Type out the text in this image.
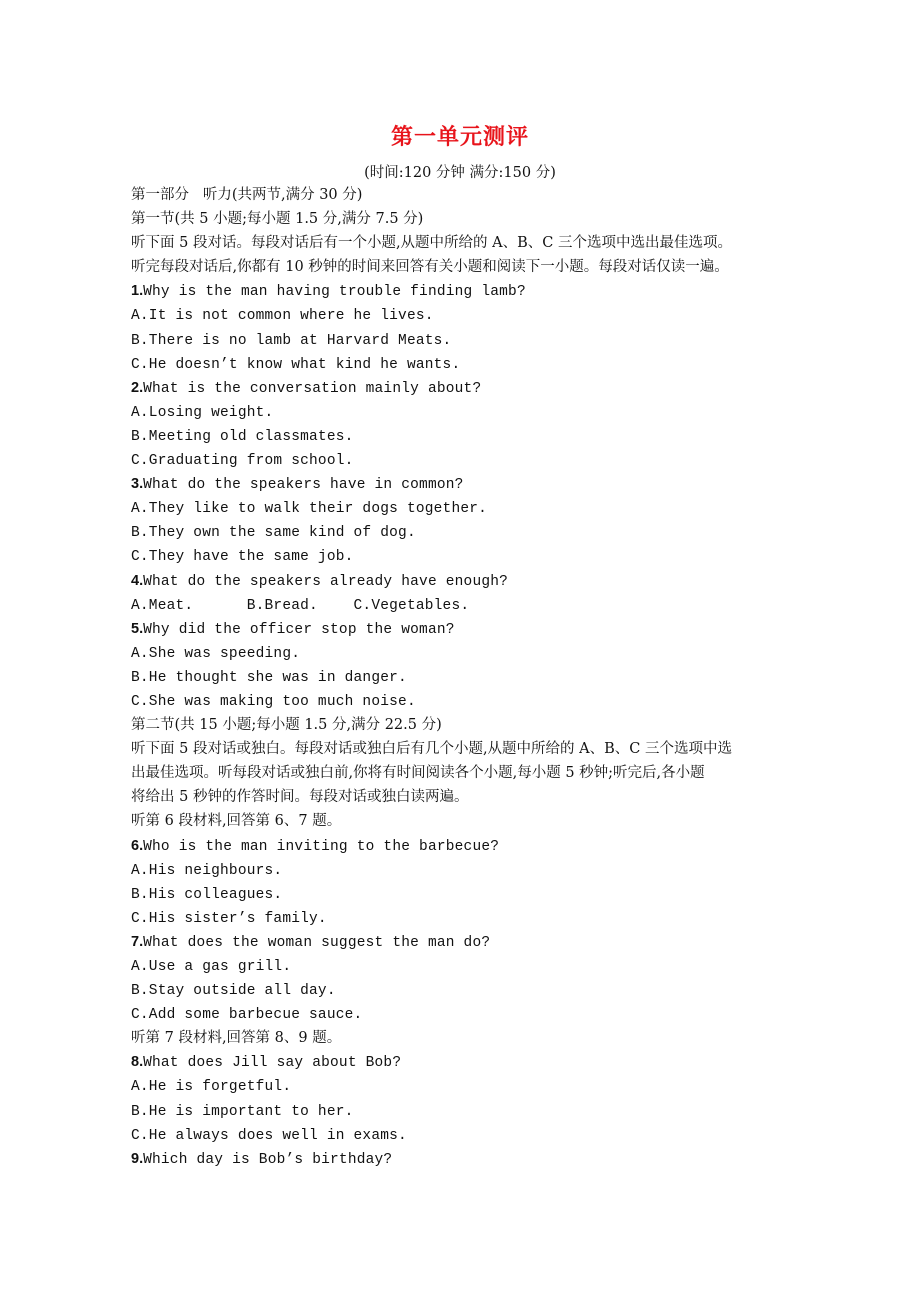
第一单元测评
(时间:120 分钟 满分:150 分)
第一部分   听力(共两节,满分 30 分)
第一节(共 5 小题;每小题 1.5 分,满分 7.5 分)
听下面 5 段对话。每段对话后有一个小题,从题中所给的 A、B、C 三个选项中选出最佳选项。
听完每段对话后,你都有 10 秒钟的时间来回答有关小题和阅读下一小题。每段对话仅读一遍。
1.Why is the man having trouble finding lamb?
A.It is not common where he lives.
B.There is no lamb at Harvard Meats.
C.He doesn’t know what kind he wants.
2.What is the conversation mainly about?
A.Losing weight.
B.Meeting old classmates.
C.Graduating from school.
3.What do the speakers have in common?
A.They like to walk their dogs together.
B.They own the same kind of dog.
C.They have the same job.
4.What do the speakers already have enough?
A.Meat.      B.Bread.    C.Vegetables.
5.Why did the officer stop the woman?
A.She was speeding.
B.He thought she was in danger.
C.She was making too much noise.
第二节(共 15 小题;每小题 1.5 分,满分 22.5 分)
听下面 5 段对话或独白。每段对话或独白后有几个小题,从题中所给的 A、B、C 三个选项中选
出最佳选项。听每段对话或独白前,你将有时间阅读各个小题,每小题 5 秒钟;听完后,各小题
将给出 5 秒钟的作答时间。每段对话或独白读两遍。
听第 6 段材料,回答第 6、7 题。
6.Who is the man inviting to the barbecue?
A.His neighbours.
B.His colleagues.
C.His sister’s family.
7.What does the woman suggest the man do?
A.Use a gas grill.
B.Stay outside all day.
C.Add some barbecue sauce.
听第 7 段材料,回答第 8、9 题。
8.What does Jill say about Bob?
A.He is forgetful.
B.He is important to her.
C.He always does well in exams.
9.Which day is Bob’s birthday?
